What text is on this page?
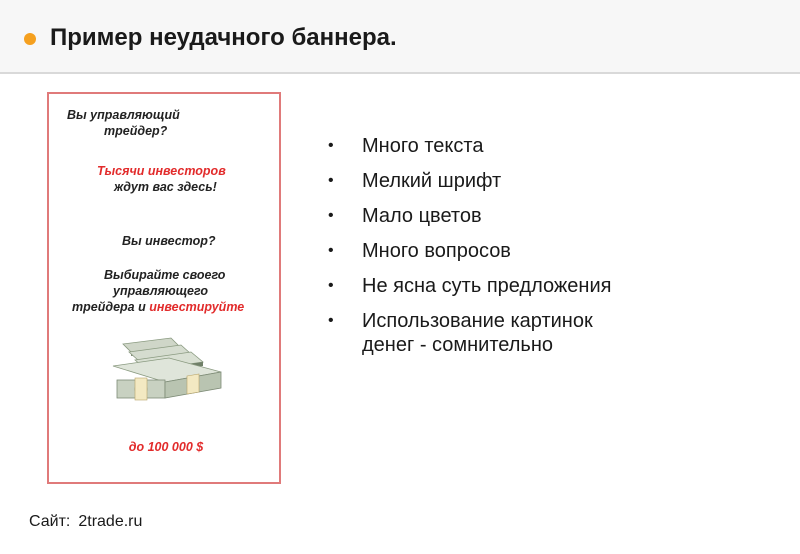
Пример неудачного баннера.
Вы управляющий
трейдер?
Тысячи инвесторов
ждут вас здесь!
Вы инвестор?
Выбирайте своего
управляющего
трейдера и инвестируйте
до 100 000 $
• Много текста
• Мелкий шрифт
• Мало цветов
• Много вопросов
• Не ясна суть предложения
• Использование картинок
денег - сомнительно
Сайт: 2trade.ru
